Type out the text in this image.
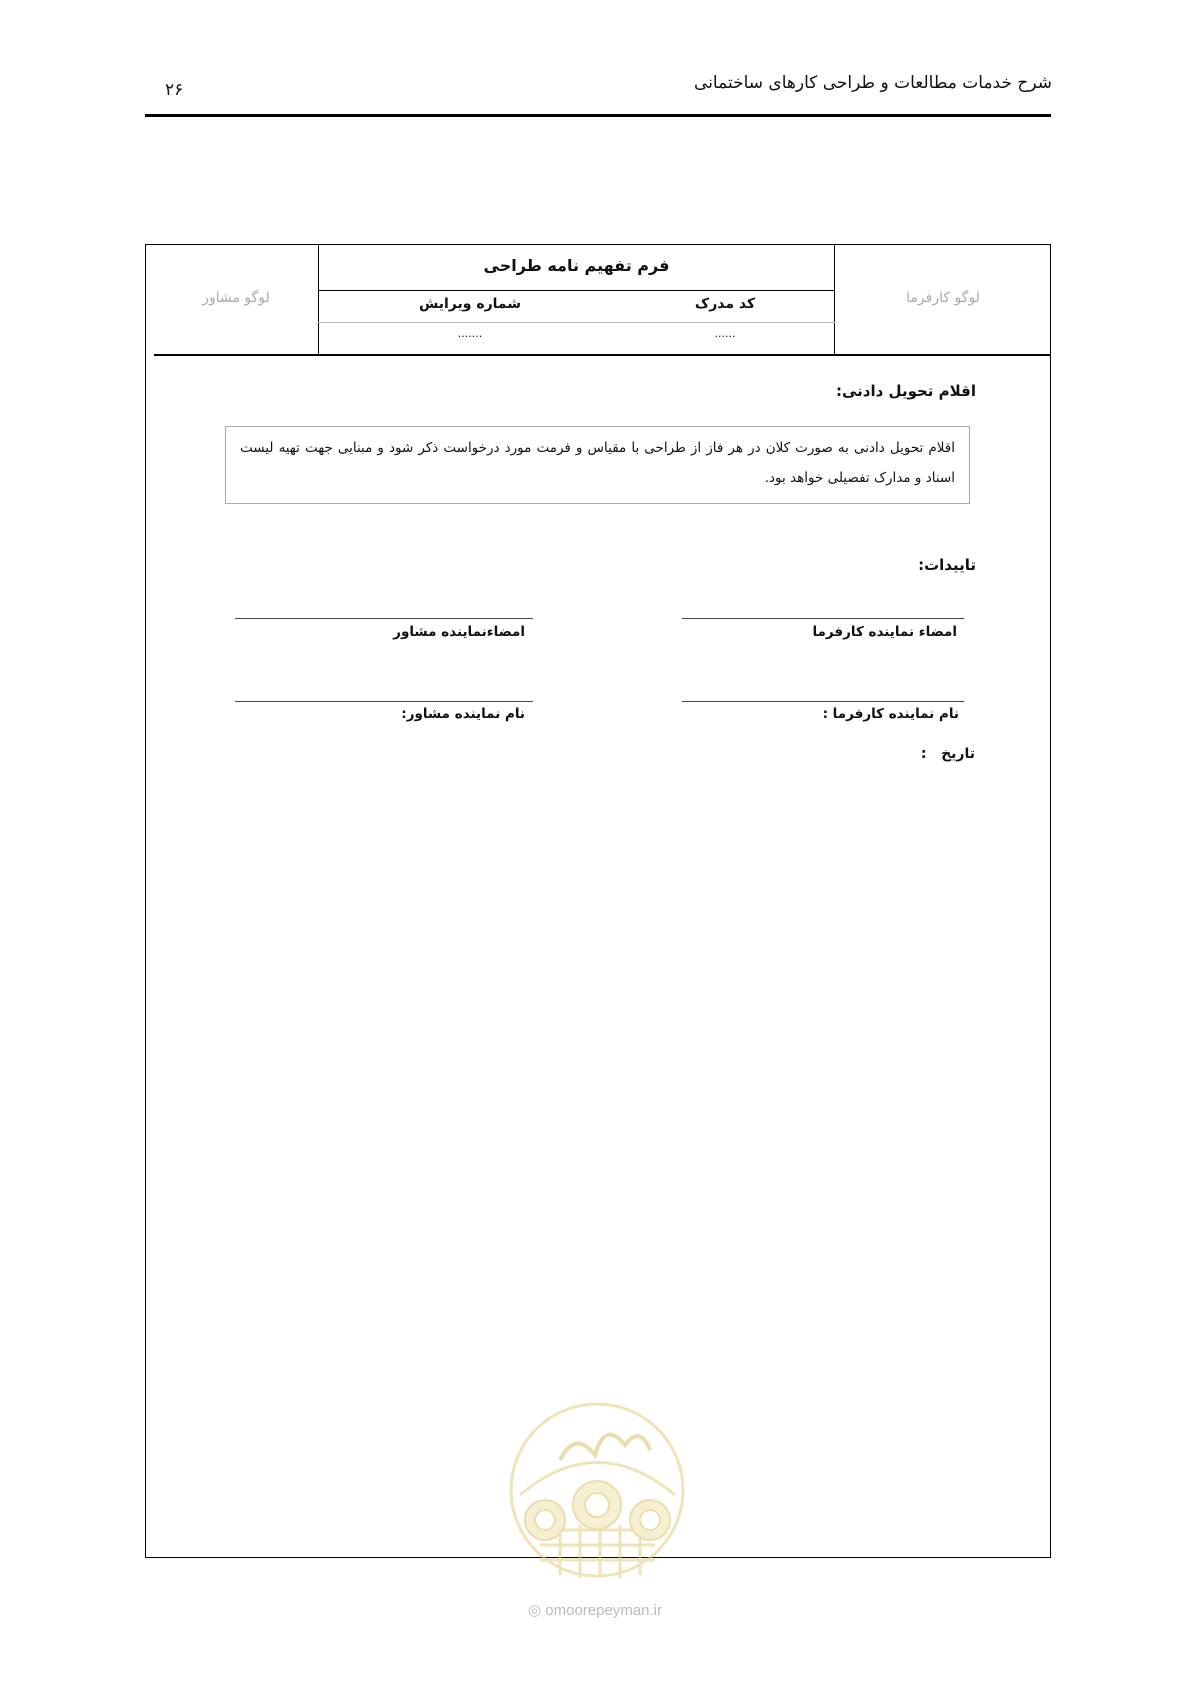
شرح خدمات مطالعات و طراحی کارهای ساختمانی
۲۶
فرم تفهیم نامه طراحی
کد مدرک
شماره ویرایش
......
.......
لوگو کارفرما
لوگو مشاور
اقلام تحویل دادنی:
اقلام تحویل دادنی به صورت کلان در هر فاز از طراحی با مقیاس و فرمت مورد درخواست ذکر شود و مبنایی جهت تهیه لیست اسناد و مدارک تفصیلی خواهد بود.
تاییدات:
امضاء نماینده کارفرما
امضاءنماینده مشاور
نام نماینده کارفرما :
نام نماینده مشاور:
تاریخ   :
◎ omoorepeyman.ir
